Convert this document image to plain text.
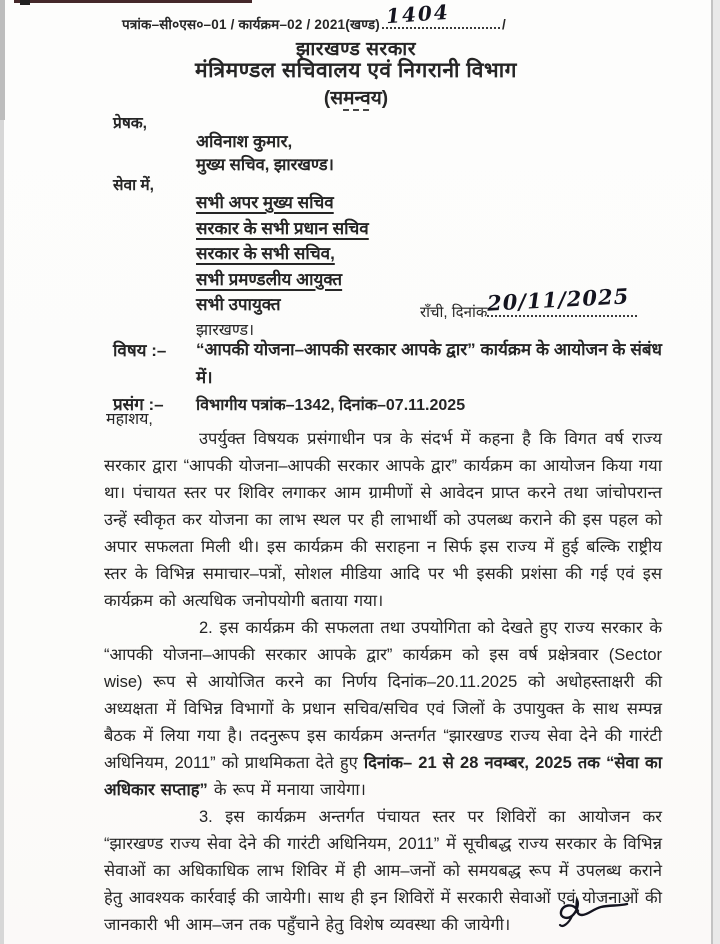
पत्रांक–सी०एस०–01 / कार्यक्रम–02 / 2021(खण्ड) 1404	/
झारखण्ड सरकार
मंत्रिमण्डल सचिवालय एवं निगरानी विभाग
(समन्वय)
प्रेषक,
अविनाश कुमार,
मुख्य सचिव, झारखण्ड।
सेवा में,
सभी अपर मुख्य सचिव
सरकार के सभी प्रधान सचिव
सरकार के सभी सचिव,
सभी प्रमण्डलीय आयुक्त
सभी उपायुक्त
झारखण्ड।
राँची, दिनांक 20/11/2025
विषय :– “आपकी योजना–आपकी सरकार आपके द्वार” कार्यक्रम के आयोजन के संबंध में।
प्रसंग :– विभागीय पत्रांक–1342, दिनांक–07.11.2025
महाशय,

उपर्युक्त विषयक प्रसंगाधीन पत्र के संदर्भ में कहना है कि विगत वर्ष राज्य सरकार द्वारा “आपकी योजना–आपकी सरकार आपके द्वार” कार्यक्रम का आयोजन किया गया था। पंचायत स्तर पर शिविर लगाकर आम ग्रामीणों से आवेदन प्राप्त करने तथा जांचोपरान्त उन्हें स्वीकृत कर योजना का लाभ स्थल पर ही लाभार्थी को उपलब्ध कराने की इस पहल को अपार सफलता मिली थी। इस कार्यक्रम की सराहना न सिर्फ इस राज्य में हुई बल्कि राष्ट्रीय स्तर के विभिन्न समाचार–पत्रों, सोशल मीडिया आदि पर भी इसकी प्रशंसा की गई एवं इस कार्यक्रम को अत्यधिक जनोपयोगी बताया गया।

2. इस कार्यक्रम की सफलता तथा उपयोगिता को देखते हुए राज्य सरकार के “आपकी योजना–आपकी सरकार आपके द्वार” कार्यक्रम को इस वर्ष प्रक्षेत्रवार (Sector wise) रूप से आयोजित करने का निर्णय दिनांक–20.11.2025 को अधोहस्ताक्षरी की अध्यक्षता में विभिन्न विभागों के प्रधान सचिव/सचिव एवं जिलों के उपायुक्त के साथ सम्पन्न बैठक में लिया गया है। तदनुरूप इस कार्यक्रम अन्तर्गत “झारखण्ड राज्य सेवा देने की गारंटी अधिनियम, 2011” को प्राथमिकता देते हुए दिनांक– 21 से 28 नवम्बर, 2025 तक “सेवा का अधिकार सप्ताह” के रूप में मनाया जायेगा।

3. इस कार्यक्रम अन्तर्गत पंचायत स्तर पर शिविरों का आयोजन कर “झारखण्ड राज्य सेवा देने की गारंटी अधिनियम, 2011” में सूचीबद्ध राज्य सरकार के विभिन्न सेवाओं का अधिकाधिक लाभ शिविर में ही आम–जनों को समयबद्ध रूप में उपलब्ध कराने हेतु आवश्यक कार्रवाई की जायेगी। साथ ही इन शिविरों में सरकारी सेवाओं एवं योजनाओं की जानकारी भी आम–जन तक पहुँचाने हेतु विशेष व्यवस्था की जायेगी।
